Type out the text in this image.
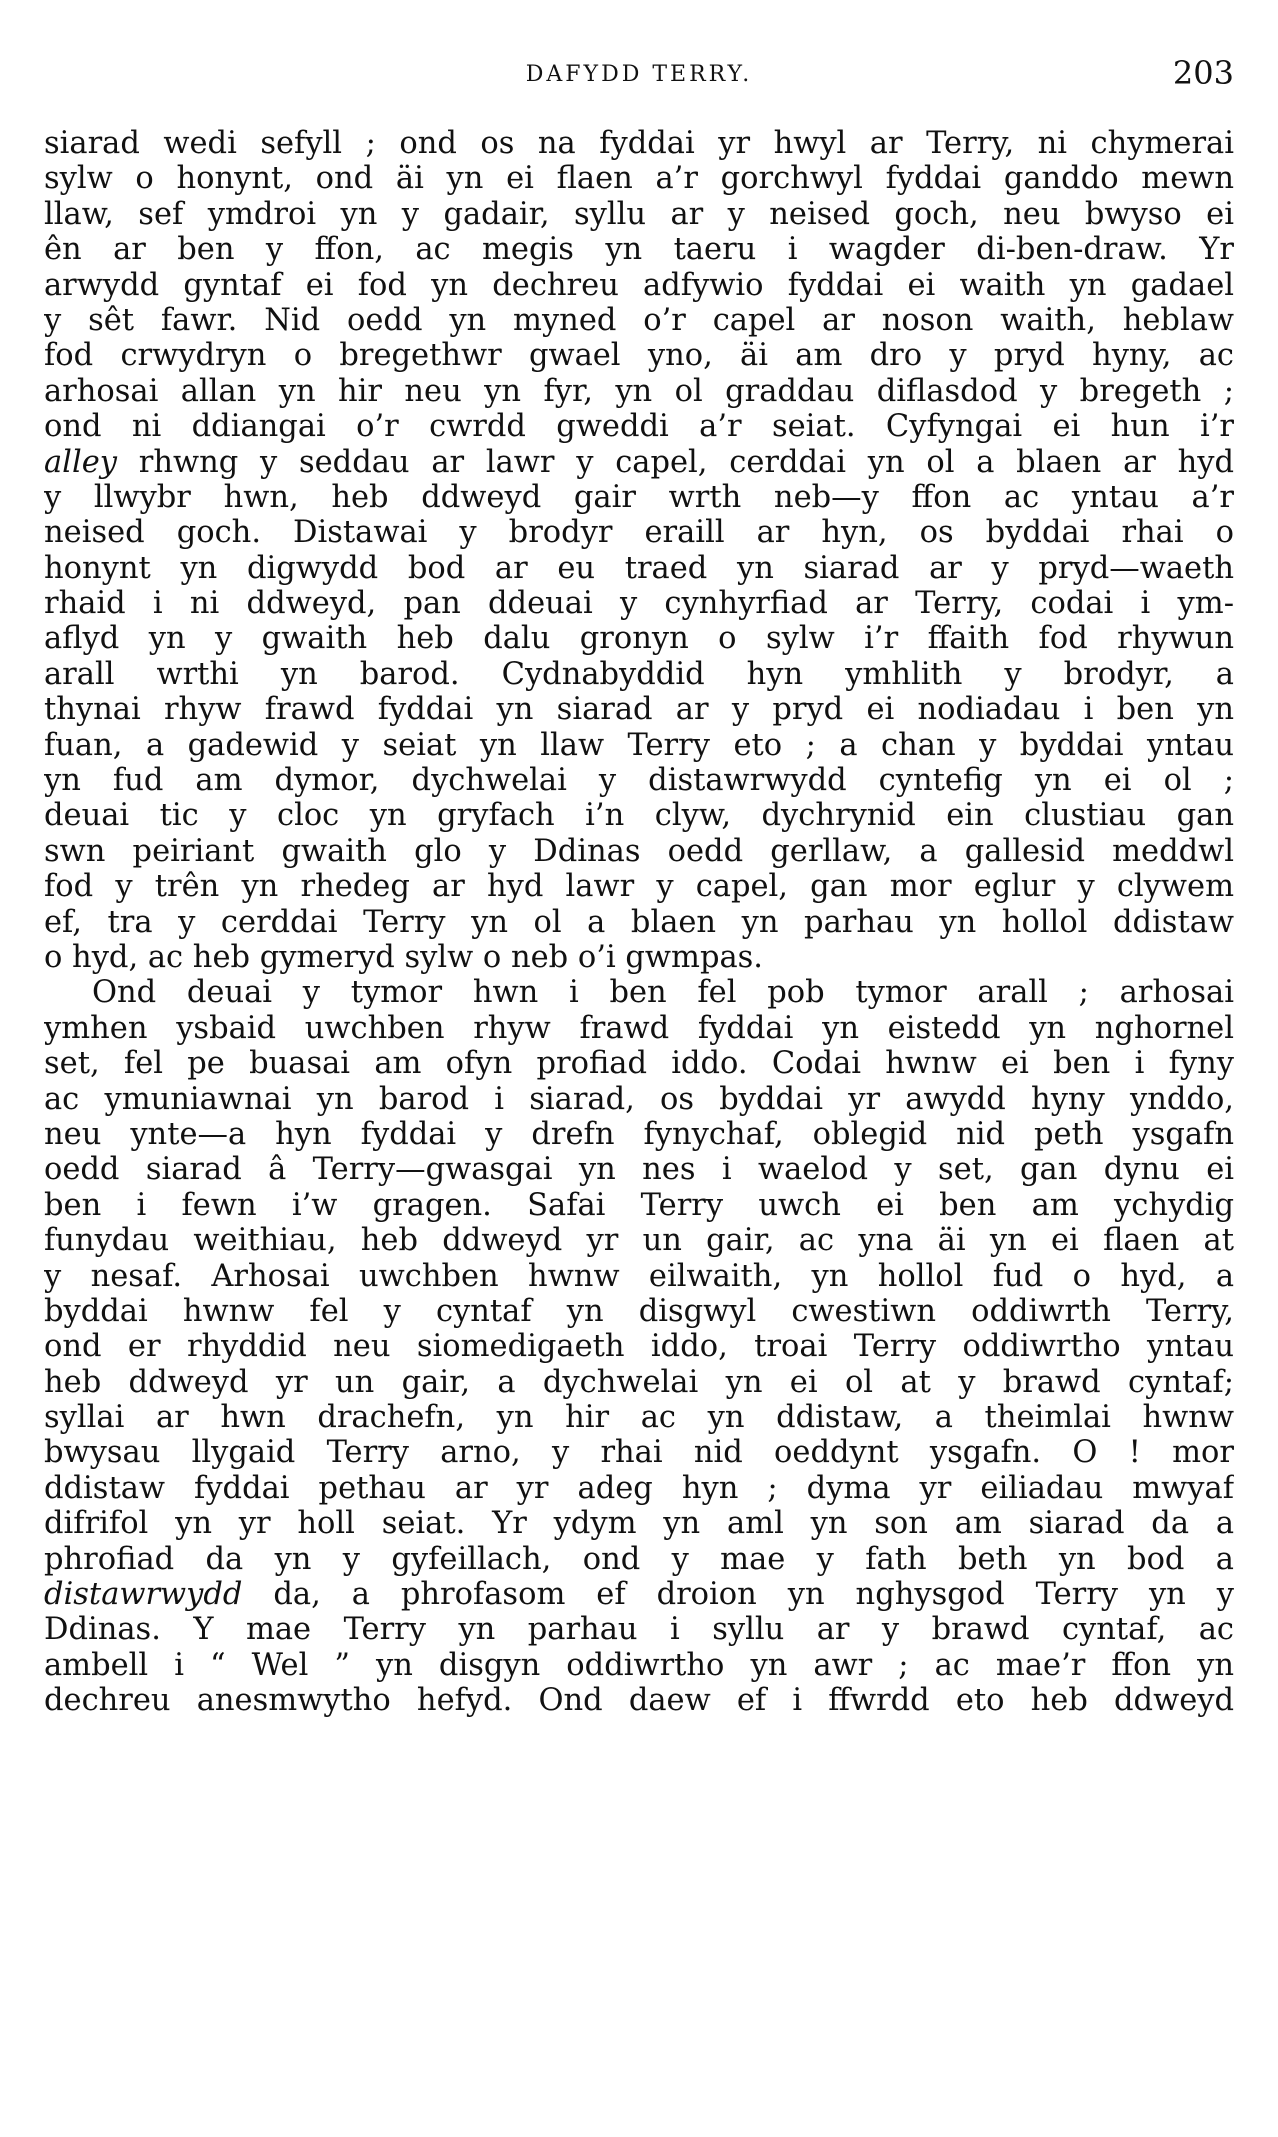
DAFYDD TERRY.	203
siarad wedi sefyll ; ond os na fyddai yr hwyl ar Terry, ni chymerai
sylw o honynt, ond äi yn ei flaen a’r gorchwyl fyddai ganddo mewn
llaw, sef ymdroi yn y gadair, syllu ar y neised goch, neu bwyso ei
ên ar ben y ffon, ac megis yn taeru i wagder di-ben-draw. Yr
arwydd gyntaf ei fod yn dechreu adfywio fyddai ei waith yn gadael
y sêt fawr. Nid oedd yn myned o’r capel ar noson waith, heblaw
fod crwydryn o bregethwr gwael yno, äi am dro y pryd hyny, ac
arhosai allan yn hir neu yn fyr, yn ol graddau diflasdod y bregeth ;
ond ni ddiangai o’r cwrdd gweddi a’r seiat. Cyfyngai ei hun i’r
alley rhwng y seddau ar lawr y capel, cerddai yn ol a blaen ar hyd
y llwybr hwn, heb ddweyd gair wrth neb—y ffon ac yntau a’r
neised goch. Distawai y brodyr eraill ar hyn, os byddai rhai o
honynt yn digwydd bod ar eu traed yn siarad ar y pryd—waeth
rhaid i ni ddweyd, pan ddeuai y cynhyrfiad ar Terry, codai i ym-
aflyd yn y gwaith heb dalu gronyn o sylw i’r ffaith fod rhywun
arall wrthi yn barod. Cydnabyddid hyn ymhlith y brodyr, a
thynai rhyw frawd fyddai yn siarad ar y pryd ei nodiadau i ben yn
fuan, a gadewid y seiat yn llaw Terry eto ; a chan y byddai yntau
yn fud am dymor, dychwelai y distawrwydd cyntefig yn ei ol ;
deuai tic y cloc yn gryfach i’n clyw, dychrynid ein clustiau gan
swn peiriant gwaith glo y Ddinas oedd gerllaw, a gallesid meddwl
fod y trên yn rhedeg ar hyd lawr y capel, gan mor eglur y clywem
ef, tra y cerddai Terry yn ol a blaen yn parhau yn hollol ddistaw
o hyd, ac heb gymeryd sylw o neb o’i gwmpas.
Ond deuai y tymor hwn i ben fel pob tymor arall ; arhosai
ymhen ysbaid uwchben rhyw frawd fyddai yn eistedd yn nghornel
set, fel pe buasai am ofyn profiad iddo. Codai hwnw ei ben i fyny
ac ymuniawnai yn barod i siarad, os byddai yr awydd hyny ynddo,
neu ynte—a hyn fyddai y drefn fynychaf, oblegid nid peth ysgafn
oedd siarad â Terry—gwasgai yn nes i waelod y set, gan dynu ei
ben i fewn i’w gragen. Safai Terry uwch ei ben am ychydig
funydau weithiau, heb ddweyd yr un gair, ac yna äi yn ei flaen at
y nesaf. Arhosai uwchben hwnw eilwaith, yn hollol fud o hyd, a
byddai hwnw fel y cyntaf yn disgwyl cwestiwn oddiwrth Terry,
ond er rhyddid neu siomedigaeth iddo, troai Terry oddiwrtho yntau
heb ddweyd yr un gair, a dychwelai yn ei ol at y brawd cyntaf;
syllai ar hwn drachefn, yn hir ac yn ddistaw, a theimlai hwnw
bwysau llygaid Terry arno, y rhai nid oeddynt ysgafn. O ! mor
ddistaw fyddai pethau ar yr adeg hyn ; dyma yr eiliadau mwyaf
difrifol yn yr holl seiat. Yr ydym yn aml yn son am siarad da a
phrofiad da yn y gyfeillach, ond y mae y fath beth yn bod a
distawrwydd da, a phrofasom ef droion yn nghysgod Terry yn y
Ddinas. Y mae Terry yn parhau i syllu ar y brawd cyntaf, ac
ambell i “ Wel ” yn disgyn oddiwrtho yn awr ; ac mae’r ffon yn
dechreu anesmwytho hefyd. Ond daew ef i ffwrdd eto heb ddweyd
